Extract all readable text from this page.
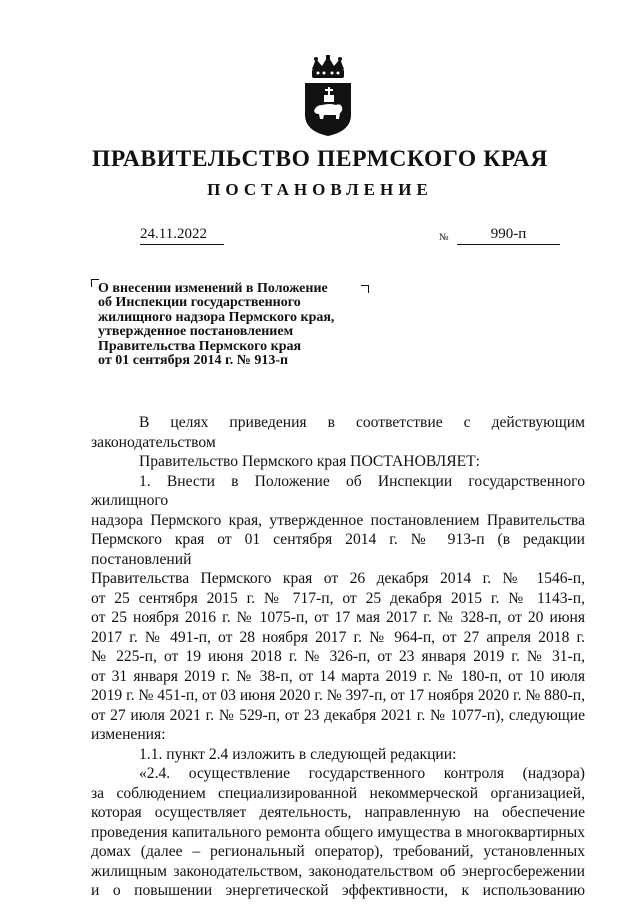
ПРАВИТЕЛЬСТВО ПЕРМСКОГО КРАЯ
ПОСТАНОВЛЕНИЕ
24.11.2022	№	990-п
О внесении изменений в Положение
об Инспекции государственного
жилищного надзора Пермского края,
утвержденное постановлением
Правительства Пермского края
от 01 сентября 2014 г. № 913-п
В целях приведения в соответствие с действующим
законодательством
Правительство Пермского края ПОСТАНОВЛЯЕТ:
1. Внести в Положение об Инспекции государственного жилищного
надзора Пермского края, утвержденное постановлением Правительства
Пермского края от 01 сентября 2014 г. № 913-п (в редакции постановлений
Правительства Пермского края от 26 декабря 2014 г. № 1546-п,
от 25 сентября 2015 г. № 717-п, от 25 декабря 2015 г. № 1143-п,
от 25 ноября 2016 г. № 1075-п, от 17 мая 2017 г. № 328-п, от 20 июня
2017 г. № 491-п, от 28 ноября 2017 г. № 964-п, от 27 апреля 2018 г.
№ 225-п, от 19 июня 2018 г. № 326-п, от 23 января 2019 г. № 31-п,
от 31 января 2019 г. № 38-п, от 14 марта 2019 г. № 180-п, от 10 июля
2019 г. № 451-п, от 03 июня 2020 г. № 397-п, от 17 ноября 2020 г. № 880-п,
от 27 июля 2021 г. № 529-п, от 23 декабря 2021 г. № 1077-п), следующие
изменения:
1.1. пункт 2.4 изложить в следующей редакции:
«2.4. осуществление государственного контроля (надзора)
за соблюдением специализированной некоммерческой организацией,
которая осуществляет деятельность, направленную на обеспечение
проведения капитального ремонта общего имущества в многоквартирных
домах (далее – региональный оператор), требований, установленных
жилищным законодательством, законодательством об энергосбережении
и о повышении энергетической эффективности, к использованию
